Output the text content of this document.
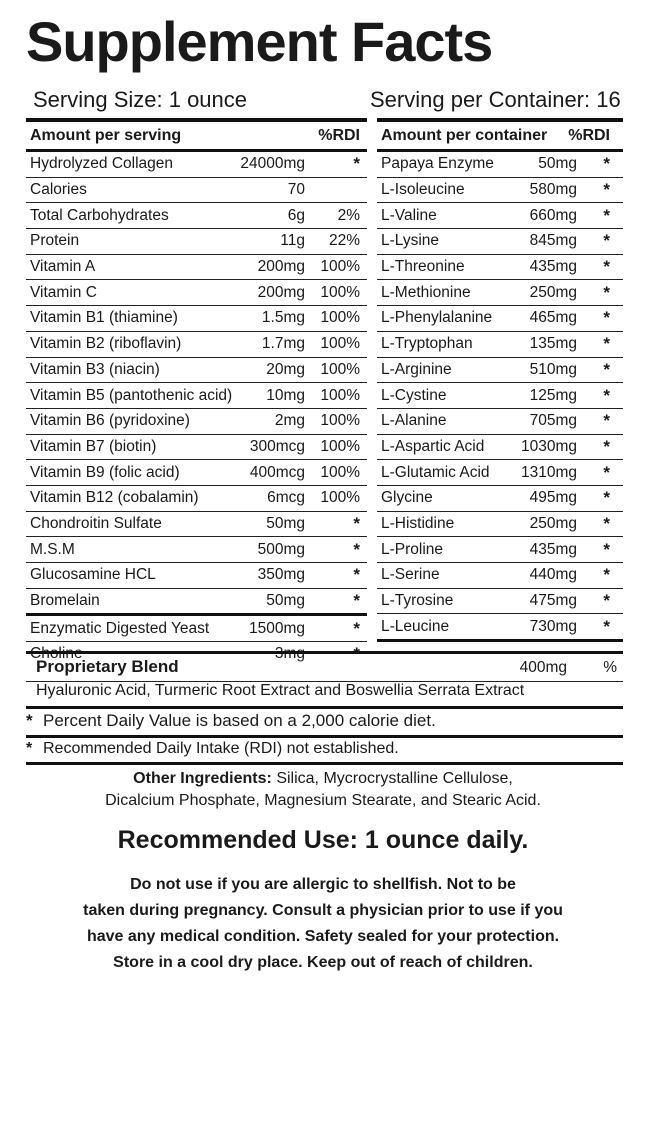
Supplement Facts
Serving Size: 1 ounce	Serving per Container: 16
Amount per serving	%RDI
Hydrolyzed Collagen	24000mg	*
Calories	70
Total Carbohydrates	6g 2%
Protein	11g 22%
Vitamin A	200mg 100%
Vitamin C	200mg 100%
Vitamin B1 (thiamine)	1.5mg 100%
Vitamin B2 (riboflavin)	1.7mg 100%
Vitamin B3 (niacin)	20mg 100%
Vitamin B5 (pantothenic acid) 10mg 100%
Vitamin B6 (pyridoxine)	2mg 100%
Vitamin B7 (biotin)	300mcg 100%
Vitamin B9 (folic acid)	400mcg 100%
Vitamin B12 (cobalamin)	6mcg 100%
Chondroitin Sulfate	50mg	*
M.S.M	500mg	*
Glucosamine HCL	350mg	*
Bromelain	50mg	*
Enzymatic Digested Yeast	1500mg	*
Choline	3mg	*
Amount per container %RDI
Papaya Enzyme	50mg *
L-Isoleucine	580mg *
L-Valine	660mg *
L-Lysine	845mg *
L-Threonine	435mg *
L-Methionine	250mg *
L-Phenylalanine 465mg *
L-Tryptophan	135mg *
L-Arginine	510mg *
L-Cystine	125mg *
L-Alanine	705mg *
L-Aspartic Acid 1030mg *
L-Glutamic Acid 1310mg *
Glycine	495mg *
L-Histidine	250mg *
L-Proline	435mg *
L-Serine	440mg *
L-Tyrosine	475mg *
L-Leucine	730mg *
Proprietary Blend	400mg %
Hyaluronic Acid, Turmeric Root Extract and Boswellia Serrata Extract
* Percent Daily Value is based on a 2,000 calorie diet.
* Recommended Daily Intake (RDI) not established.
Other Ingredients: Silica, Mycrocrystalline Cellulose,
Dicalcium Phosphate, Magnesium Stearate, and Stearic Acid.
Recommended Use: 1 ounce daily.
Do not use if you are allergic to shellfish. Not to be
taken during pregnancy. Consult a physician prior to use if you
have any medical condition. Safety sealed for your protection.
Store in a cool dry place. Keep out of reach of children.
